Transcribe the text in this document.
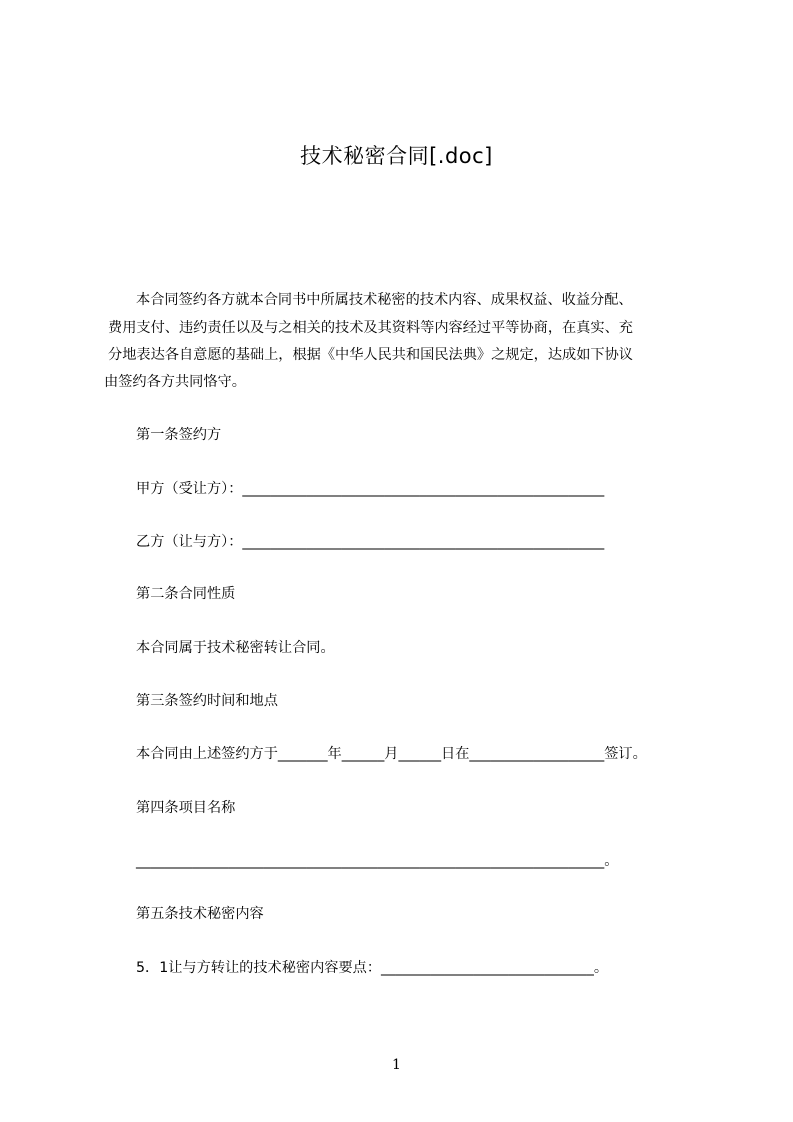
技术秘密合同[.doc]
本合同签约各方就本合同书中所属技术秘密的技术内容、成果权益、收益分配、
费用支付、违约责任以及与之相关的技术及其资料等内容经过平等协商，在真实、充
分地表达各自意愿的基础上，根据《中华人民共和国民法典》之规定，达成如下协议
由签约各方共同恪守。
第一条签约方
甲方（受让方）：___________________________________________________
乙方（让与方）：___________________________________________________
第二条合同性质
本合同属于技术秘密转让合同。
第三条签约时间和地点
本合同由上述签约方于_______年______月______日在___________________签订。
第四条项目名称
__________________________________________________________________。
第五条技术秘密内容
5．1让与方转让的技术秘密内容要点：______________________________。
1
